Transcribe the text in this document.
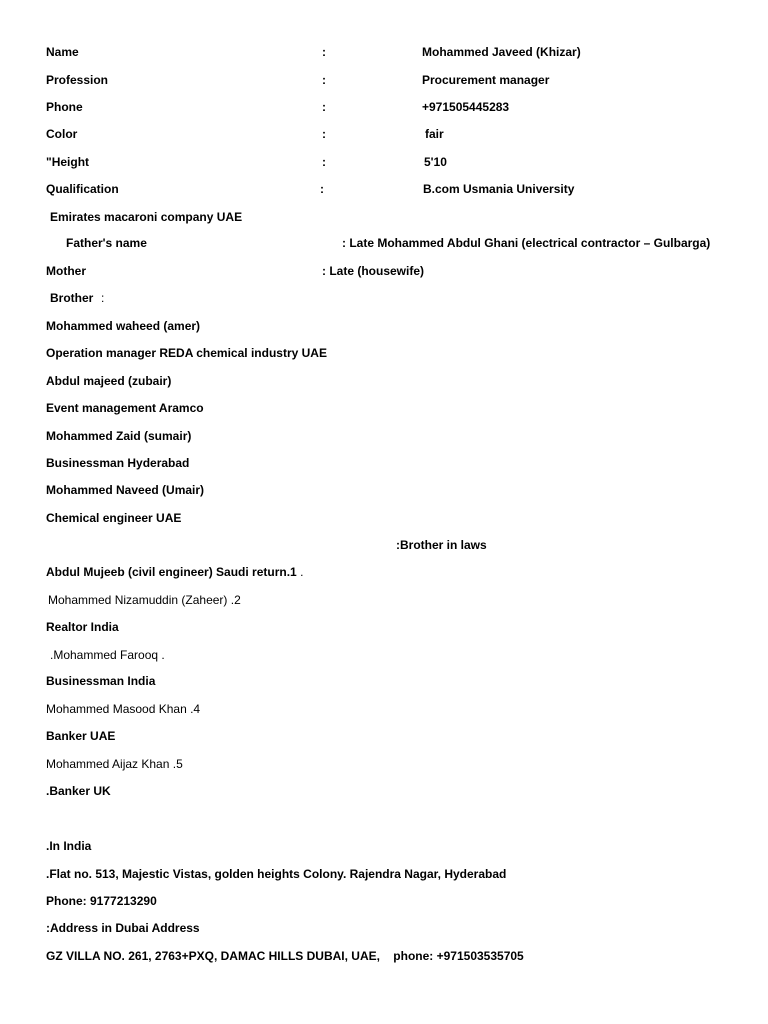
Name	:	Mohammed Javeed (Khizar)
Profession	:	Procurement manager
Phone	:	+971505445283
Color	:	fair
"Height	:	5'10
Qualification	:	B.com Usmania University
Emirates macaroni company UAE
Father's name	: Late Mohammed Abdul Ghani (electrical contractor – Gulbarga)
Mother	: Late (housewife)
Brother :
Mohammed waheed (amer)
Operation manager REDA chemical industry UAE
Abdul majeed (zubair)
Event management Aramco
Mohammed Zaid (sumair)
Businessman Hyderabad
Mohammed Naveed (Umair)
Chemical engineer UAE
:Brother in laws
Abdul Mujeeb (civil engineer) Saudi return.1 .
Mohammed Nizamuddin (Zaheer) .2
Realtor India
.Mohammed Farooq .
Businessman India
Mohammed Masood Khan .4
Banker UAE
Mohammed Aijaz Khan .5
.Banker UK
.In India
.Flat no. 513, Majestic Vistas, golden heights Colony. Rajendra Nagar, Hyderabad
Phone: 9177213290
:Address in Dubai Address
GZ VILLA NO. 261, 2763+PXQ, DAMAC HILLS DUBAI, UAE, phone: +971503535705
